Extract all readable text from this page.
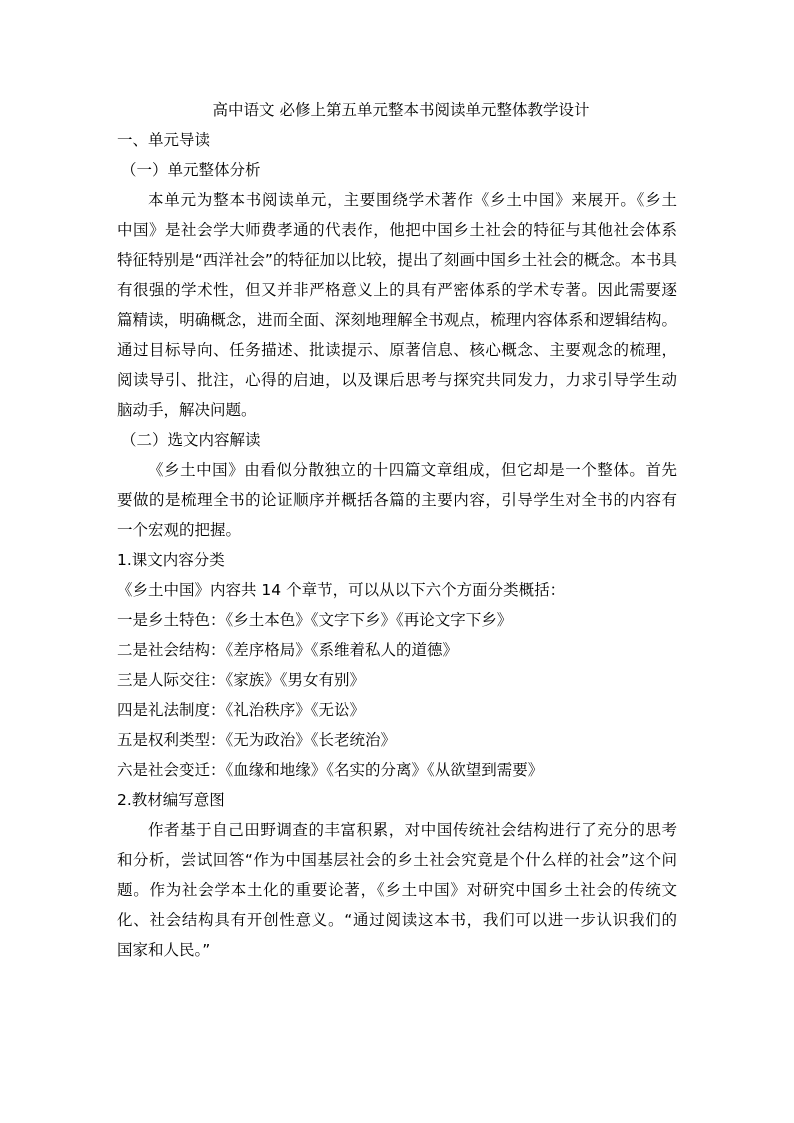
高中语文 必修上第五单元整本书阅读单元整体教学设计
一、单元导读
（一）单元整体分析
本单元为整本书阅读单元，主要围绕学术著作《乡土中国》来展开。《乡土
中国》是社会学大师费孝通的代表作，他把中国乡土社会的特征与其他社会体系
特征特别是“西洋社会”的特征加以比较，提出了刻画中国乡土社会的概念。本书具
有很强的学术性，但又并非严格意义上的具有严密体系的学术专著。因此需要逐
篇精读，明确概念，进而全面、深刻地理解全书观点，梳理内容体系和逻辑结构。
通过目标导向、任务描述、批读提示、原著信息、核心概念、主要观念的梳理，
阅读导引、批注，心得的启迪，以及课后思考与探究共同发力，力求引导学生动
脑动手，解决问题。
（二）选文内容解读
《乡土中国》由看似分散独立的十四篇文章组成，但它却是一个整体。首先
要做的是梳理全书的论证顺序并概括各篇的主要内容，引导学生对全书的内容有
一个宏观的把握。
1.课文内容分类
《乡土中国》内容共 14 个章节，可以从以下六个方面分类概括：
一是乡土特色：《乡土本色》《文字下乡》《再论文字下乡》
二是社会结构：《差序格局》《系维着私人的道德》
三是人际交往：《家族》《男女有别》
四是礼法制度：《礼治秩序》《无讼》
五是权利类型：《无为政治》《长老统治》
六是社会变迁：《血缘和地缘》《名实的分离》《从欲望到需要》
2.教材编写意图
作者基于自己田野调查的丰富积累，对中国传统社会结构进行了充分的思考
和分析，尝试回答“作为中国基层社会的乡土社会究竟是个什么样的社会”这个问
题。作为社会学本土化的重要论著，《乡土中国》对研究中国乡土社会的传统文
化、社会结构具有开创性意义。“通过阅读这本书，我们可以进一步认识我们的
国家和人民。”
